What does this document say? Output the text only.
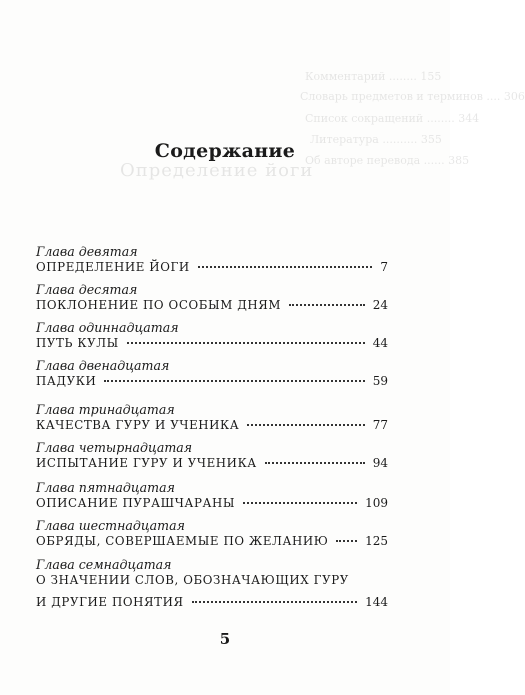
Комментарий ........ 155
Словарь предметов и терминов .... 306
Список сокращений ........ 344
Литература .......... 355
Об авторе перевода ...... 385
Определение йоги
Содержание
Глава девятая
ОПРЕДЕЛЕНИЕ ЙОГИ	7
Глава десятая
ПОКЛОНЕНИЕ ПО ОСОБЫМ ДНЯМ	24
Глава одиннадцатая
ПУТЬ КУЛЫ	44
Глава двенадцатая
ПАДУКИ	59
Глава тринадцатая
КАЧЕСТВА ГУРУ И УЧЕНИКА	77
Глава четырнадцатая
ИСПЫТАНИЕ ГУРУ И УЧЕНИКА	94
Глава пятнадцатая
ОПИСАНИЕ ПУРАШЧАРАНЫ	109
Глава шестнадцатая
ОБРЯДЫ, СОВЕРШАЕМЫЕ ПО ЖЕЛАНИЮ	125
Глава семнадцатая
О ЗНАЧЕНИИ СЛОВ, ОБОЗНАЧАЮЩИХ ГУРУ
И ДРУГИЕ ПОНЯТИЯ	144
5
